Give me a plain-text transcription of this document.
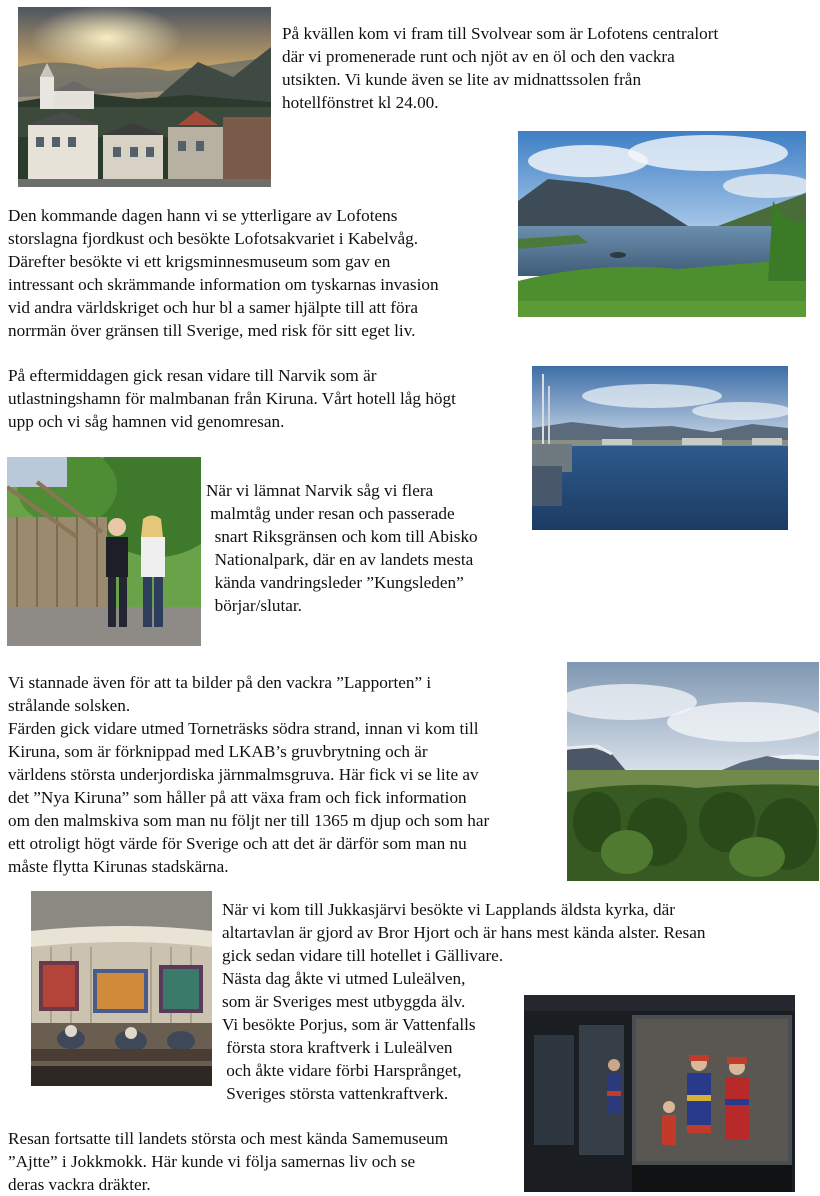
På kvällen kom vi fram till Svolvear som är Lofotens centralort
där vi promenerade runt och njöt av en öl och den vackra
utsikten. Vi kunde även se lite av midnattssolen från
hotellfönstret kl 24.00.
Den kommande dagen hann vi se ytterligare av Lofotens
storslagna fjordkust och besökte Lofotsakvariet i Kabelvåg.
Därefter besökte vi ett krigsminnesmuseum som gav en
intressant och skrämmande information om tyskarnas invasion
vid andra världskriget och hur bl a samer hjälpte till att föra
norrmän över gränsen till Sverige, med risk för sitt eget liv.
På eftermiddagen gick resan vidare till Narvik som är
utlastningshamn för malmbanan från Kiruna. Vårt hotell låg högt
upp och vi såg hamnen vid genomresan.
När vi lämnat Narvik såg vi flera
malmtåg under resan och passerade
snart Riksgränsen och kom till Abisko
Nationalpark, där en av landets mesta
kända vandringsleder ”Kungsleden”
börjar/slutar.
Vi stannade även för att ta bilder på den vackra ”Lapporten” i
strålande solsken.
Färden gick vidare utmed Torneträsks södra strand, innan vi kom till
Kiruna, som är förknippad med LKAB’s gruvbrytning och är
världens största underjordiska järnmalmsgruva. Här fick vi se lite av
det ”Nya Kiruna” som håller på att växa fram och fick information
om den malmskiva som man nu följt ner till 1365 m djup och som har
ett otroligt högt värde för Sverige och att det är därför som man nu
måste flytta Kirunas stadskärna.
När vi kom till Jukkasjärvi besökte vi Lapplands äldsta kyrka, där
altartavlan är gjord av Bror Hjort och är hans mest kända alster. Resan
gick sedan vidare till hotellet i Gällivare.
Nästa dag åkte vi utmed Luleälven,
som är Sveriges mest utbyggda älv.
Vi besökte Porjus, som är Vattenfalls
första stora kraftverk i Luleälven
och åkte vidare förbi Harsprånget,
Sveriges största vattenkraftverk.
Resan fortsatte till landets största och mest kända Samemuseum
”Ajtte” i Jokkmokk. Här kunde vi följa samernas liv och se
deras vackra dräkter.
